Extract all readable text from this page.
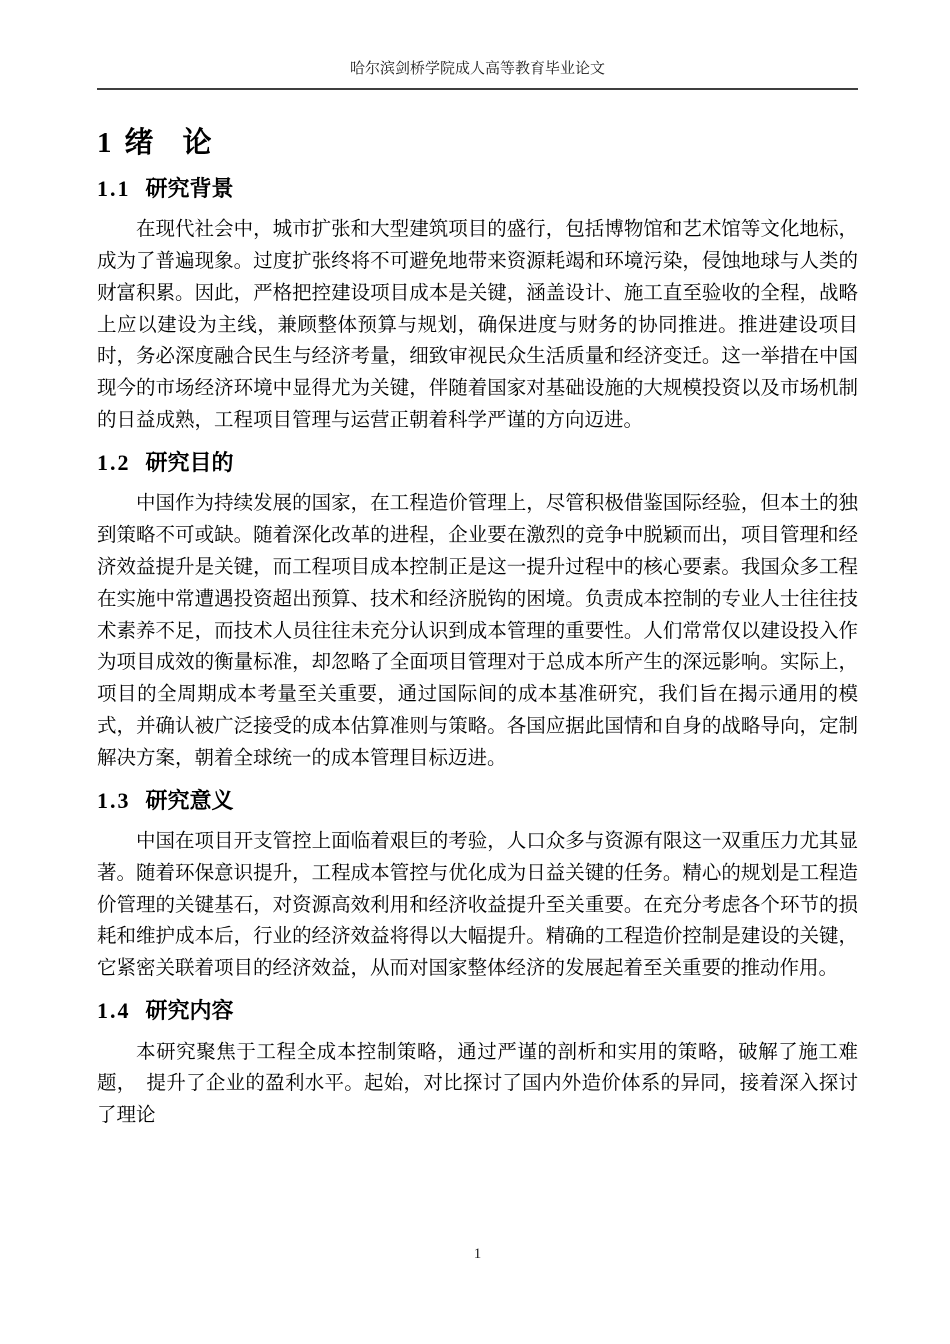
哈尔滨剑桥学院成人高等教育毕业论文
1 绪　论
1.1 研究背景

在现代社会中，城市扩张和大型建筑项目的盛行，包括博物馆和艺术馆等文化地标，成为了普遍现象。过度扩张终将不可避免地带来资源耗竭和环境污染，侵蚀地球与人类的财富积累。因此，严格把控建设项目成本是关键，涵盖设计、施工直至验收的全程，战略上应以建设为主线，兼顾整体预算与规划，确保进度与财务的协同推进。推进建设项目时，务必深度融合民生与经济考量，细致审视民众生活质量和经济变迁。这一举措在中国现今的市场经济环境中显得尤为关键，伴随着国家对基础设施的大规模投资以及市场机制的日益成熟，工程项目管理与运营正朝着科学严谨的方向迈进。

1.2 研究目的

中国作为持续发展的国家，在工程造价管理上，尽管积极借鉴国际经验，但本土的独到策略不可或缺。随着深化改革的进程，企业要在激烈的竞争中脱颖而出，项目管理和经济效益提升是关键，而工程项目成本控制正是这一提升过程中的核心要素。我国众多工程在实施中常遭遇投资超出预算、技术和经济脱钩的困境。负责成本控制的专业人士往往技术素养不足，而技术人员往往未充分认识到成本管理的重要性。人们常常仅以建设投入作为项目成效的衡量标准，却忽略了全面项目管理对于总成本所产生的深远影响。实际上，项目的全周期成本考量至关重要，通过国际间的成本基准研究，我们旨在揭示通用的模式，并确认被广泛接受的成本估算准则与策略。各国应据此国情和自身的战略导向，定制解决方案，朝着全球统一的成本管理目标迈进。

1.3 研究意义

中国在项目开支管控上面临着艰巨的考验，人口众多与资源有限这一双重压力尤其显著。随着环保意识提升，工程成本管控与优化成为日益关键的任务。精心的规划是工程造价管理的关键基石，对资源高效利用和经济收益提升至关重要。在充分考虑各个环节的损耗和维护成本后，行业的经济效益将得以大幅提升。精确的工程造价控制是建设的关键，它紧密关联着项目的经济效益，从而对国家整体经济的发展起着至关重要的推动作用。

1.4 研究内容

本研究聚焦于工程全成本控制策略，通过严谨的剖析和实用的策略，破解了施工难题，　提升了企业的盈利水平。起始，对比探讨了国内外造价体系的异同，接着深入探讨了理论

1
